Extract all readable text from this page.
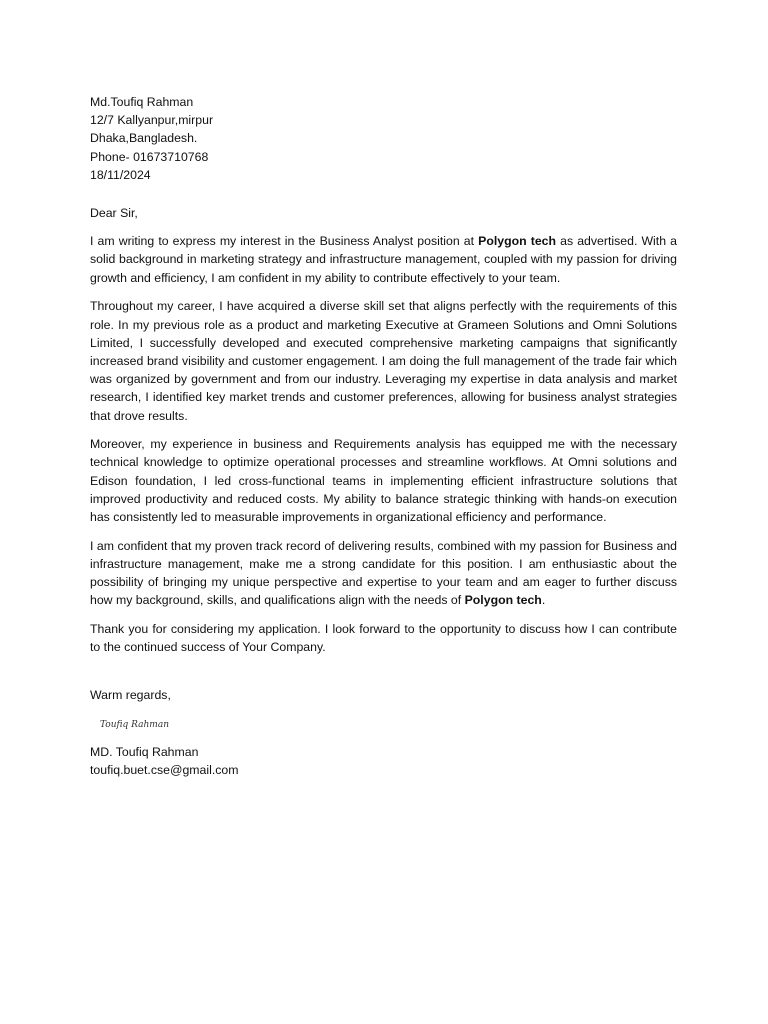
Md.Toufiq Rahman
12/7 Kallyanpur,mirpur
Dhaka,Bangladesh.
Phone- 01673710768
18/11/2024
Dear Sir,

I am writing to express my interest in the Business Analyst position at Polygon tech as advertised. With a solid background in marketing strategy and infrastructure management, coupled with my passion for driving growth and efficiency, I am confident in my ability to contribute effectively to your team.

Throughout my career, I have acquired a diverse skill set that aligns perfectly with the requirements of this role. In my previous role as a product and marketing Executive at Grameen Solutions and Omni Solutions Limited, I successfully developed and executed comprehensive marketing campaigns that significantly increased brand visibility and customer engagement. I am doing the full management of the trade fair which was organized by government and from our industry. Leveraging my expertise in data analysis and market research, I identified key market trends and customer preferences, allowing for business analyst strategies that drove results.

Moreover, my experience in business and Requirements analysis has equipped me with the necessary technical knowledge to optimize operational processes and streamline workflows. At Omni solutions and Edison foundation, I led cross-functional teams in implementing efficient infrastructure solutions that improved productivity and reduced costs. My ability to balance strategic thinking with hands-on execution has consistently led to measurable improvements in organizational efficiency and performance.

I am confident that my proven track record of delivering results, combined with my passion for Business and infrastructure management, make me a strong candidate for this position. I am enthusiastic about the possibility of bringing my unique perspective and expertise to your team and am eager to further discuss how my background, skills, and qualifications align with the needs of Polygon tech.

Thank you for considering my application. I look forward to the opportunity to discuss how I can contribute to the continued success of Your Company.

Warm regards,
Toufiq Rahman
MD. Toufiq Rahman
toufiq.buet.cse@gmail.com
